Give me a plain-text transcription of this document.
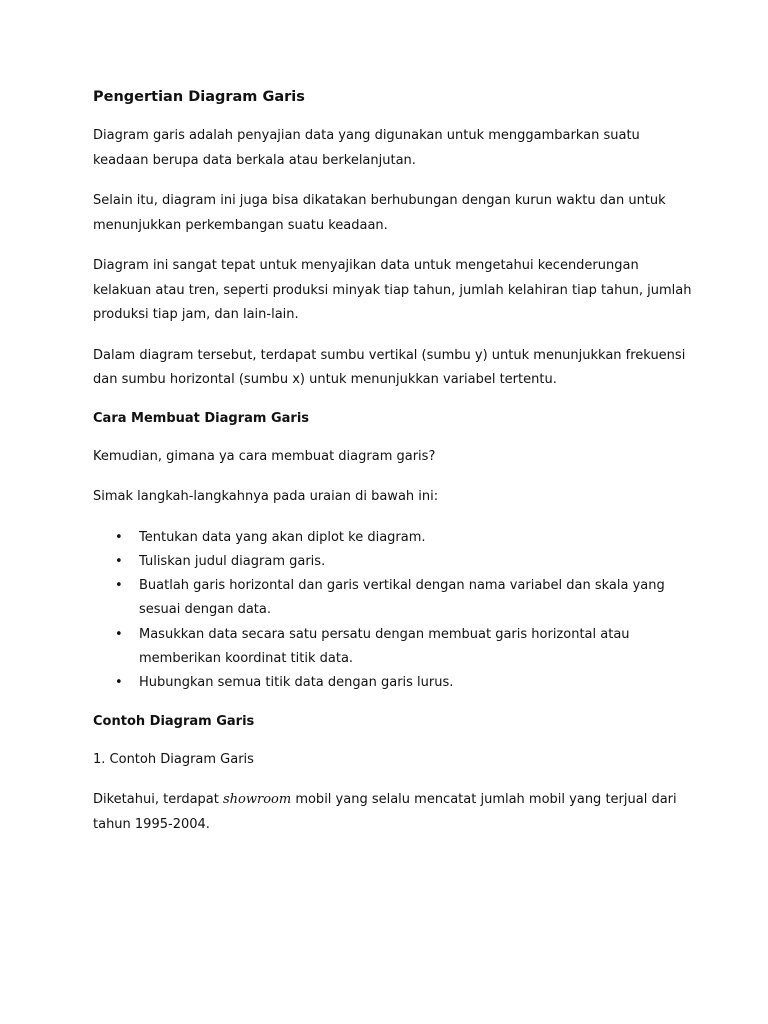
Pengertian Diagram Garis

Diagram garis adalah penyajian data yang digunakan untuk menggambarkan suatu keadaan berupa data berkala atau berkelanjutan.

Selain itu, diagram ini juga bisa dikatakan berhubungan dengan kurun waktu dan untuk menunjukkan perkembangan suatu keadaan.

Diagram ini sangat tepat untuk menyajikan data untuk mengetahui kecenderungan kelakuan atau tren, seperti produksi minyak tiap tahun, jumlah kelahiran tiap tahun, jumlah produksi tiap jam, dan lain-lain.

Dalam diagram tersebut, terdapat sumbu vertikal (sumbu y) untuk menunjukkan frekuensi dan sumbu horizontal (sumbu x) untuk menunjukkan variabel tertentu.

Cara Membuat Diagram Garis

Kemudian, gimana ya cara membuat diagram garis?

Simak langkah-langkahnya pada uraian di bawah ini:

• Tentukan data yang akan diplot ke diagram.
• Tuliskan judul diagram garis.
• Buatlah garis horizontal dan garis vertikal dengan nama variabel dan skala yang sesuai dengan data.
• Masukkan data secara satu persatu dengan membuat garis horizontal atau memberikan koordinat titik data.
• Hubungkan semua titik data dengan garis lurus.
Contoh Diagram Garis

1. Contoh Diagram Garis

Diketahui, terdapat showroom mobil yang selalu mencatat jumlah mobil yang terjual dari tahun 1995-2004.
